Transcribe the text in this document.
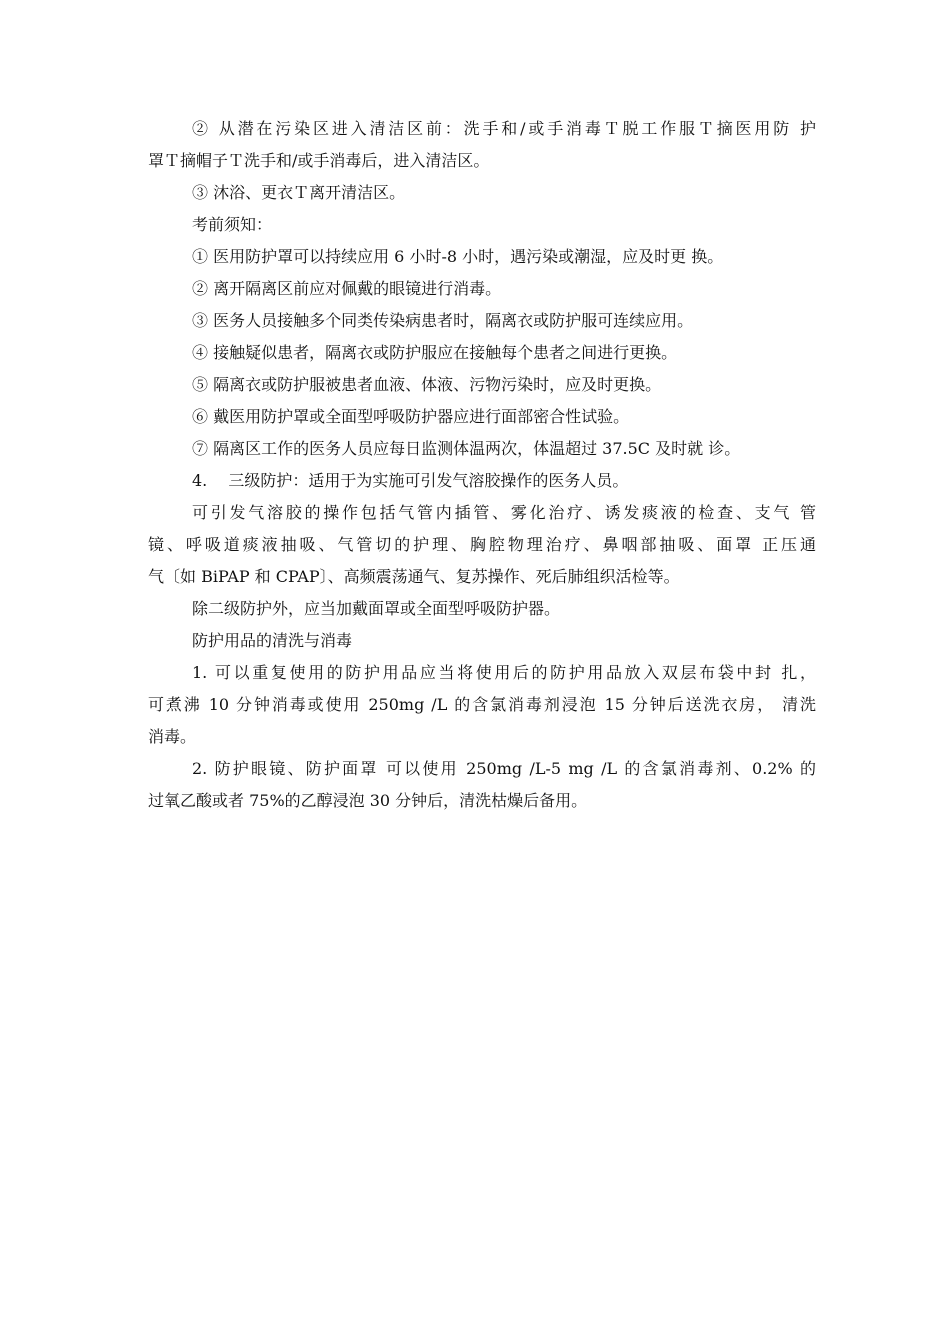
② 从潜在污染区进入清洁区前：洗手和/或手消毒Ｔ脱工作服Ｔ摘医用防 护

罩Ｔ摘帽子Ｔ洗手和/或手消毒后，进入清洁区。

③ 沐浴、更衣Ｔ离开清洁区。

考前须知：

① 医用防护罩可以持续应用 6 小时-8 小时，遇污染或潮湿，应及时更 换。

② 离开隔离区前应对佩戴的眼镜进行消毒。

③ 医务人员接触多个同类传染病患者时，隔离衣或防护服可连续应用。

④ 接触疑似患者，隔离衣或防护服应在接触每个患者之间进行更换。

⑤ 隔离衣或防护服被患者血液、体液、污物污染时，应及时更换。

⑥ 戴医用防护罩或全面型呼吸防护器应进行面部密合性试验。

⑦ 隔离区工作的医务人员应每日监测体温两次，体温超过 37.5C 及时就 诊。

4.　 三级防护：适用于为实施可引发气溶胶操作的医务人员。

可引发气溶胶的操作包括气管内插管、雾化治疗、诱发痰液的检查、支气 管

镜、呼吸道痰液抽吸、气管切的护理、胸腔物理治疗、鼻咽部抽吸、面罩 正压通

气〔如 BiPAP 和 CPAP〕、高频震荡通气、复苏操作、死后肺组织活检等。

除二级防护外，应当加戴面罩或全面型呼吸防护器。

防护用品的清洗与消毒

1. 可以重复使用的防护用品应当将使用后的防护用品放入双层布袋中封 扎，

可煮沸 10 分钟消毒或使用 250mg /L 的含氯消毒剂浸泡 15 分钟后送洗衣房， 清洗

消毒。

2. 防护眼镜、防护面罩 可以使用 250mg /L-5 mg /L 的含氯消毒剂、0.2% 的

过氧乙酸或者 75%的乙醇浸泡 30 分钟后，清洗枯燥后备用。
